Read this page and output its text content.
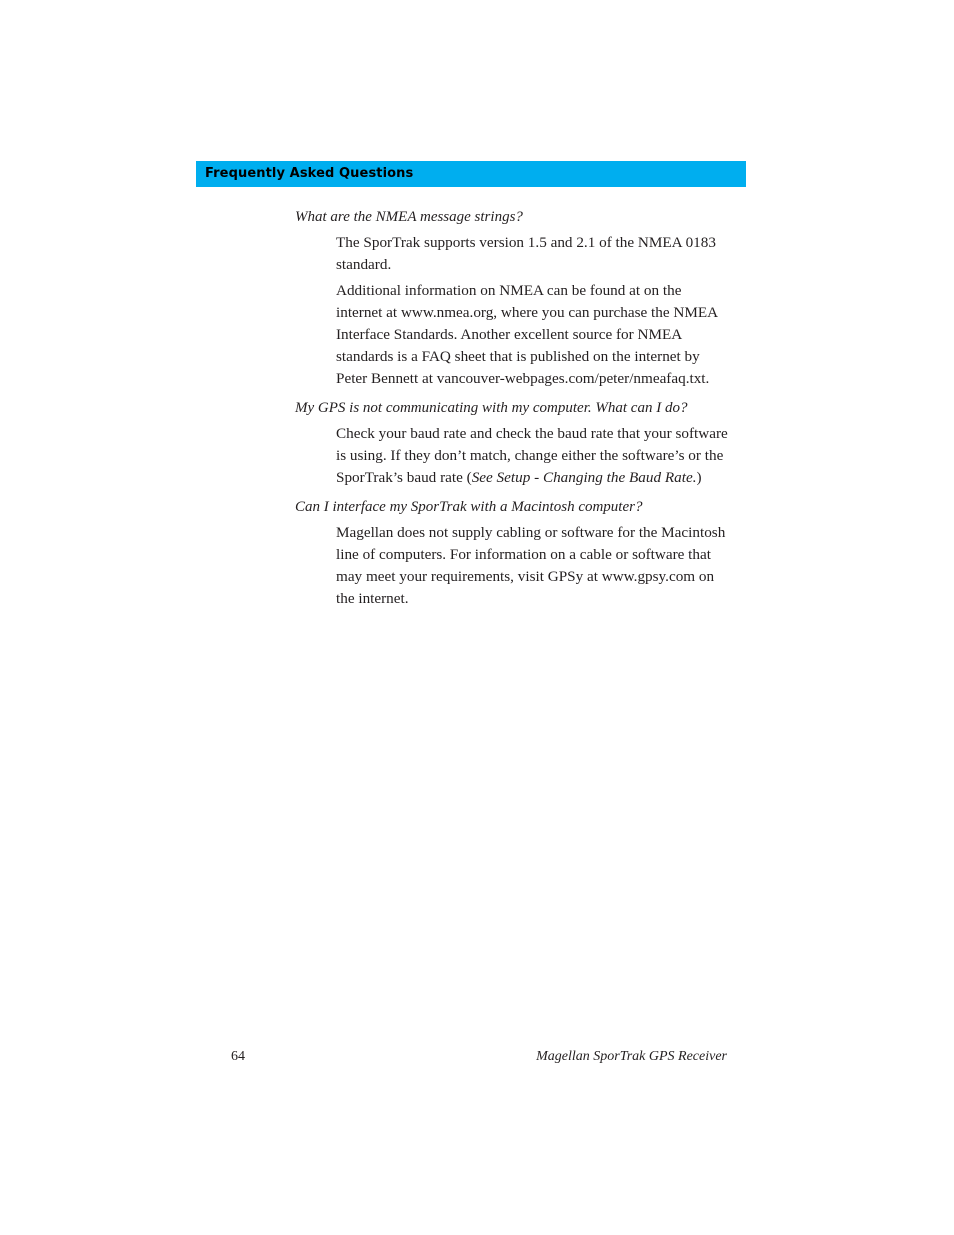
Frequently Asked Questions

What are the NMEA message strings?

The SporTrak supports version 1.5 and 2.1 of the NMEA 0183
standard.

Additional information on NMEA can be found at on the
internet at www.nmea.org, where you can purchase the NMEA
Interface Standards. Another excellent source for NMEA
standards is a FAQ sheet that is published on the internet by
Peter Bennett at vancouver-webpages.com/peter/nmeafaq.txt.

My GPS is not communicating with my computer. What can I do?

Check your baud rate and check the baud rate that your software
is using. If they don’t match, change either the software’s or the
SporTrak’s baud rate (See Setup - Changing the Baud Rate.)

Can I interface my SporTrak with a Macintosh computer?

Magellan does not supply cabling or software for the Macintosh
line of computers. For information on a cable or software that
may meet your requirements, visit GPSy at www.gpsy.com on
the internet.

64	Magellan SporTrak GPS Receiver
